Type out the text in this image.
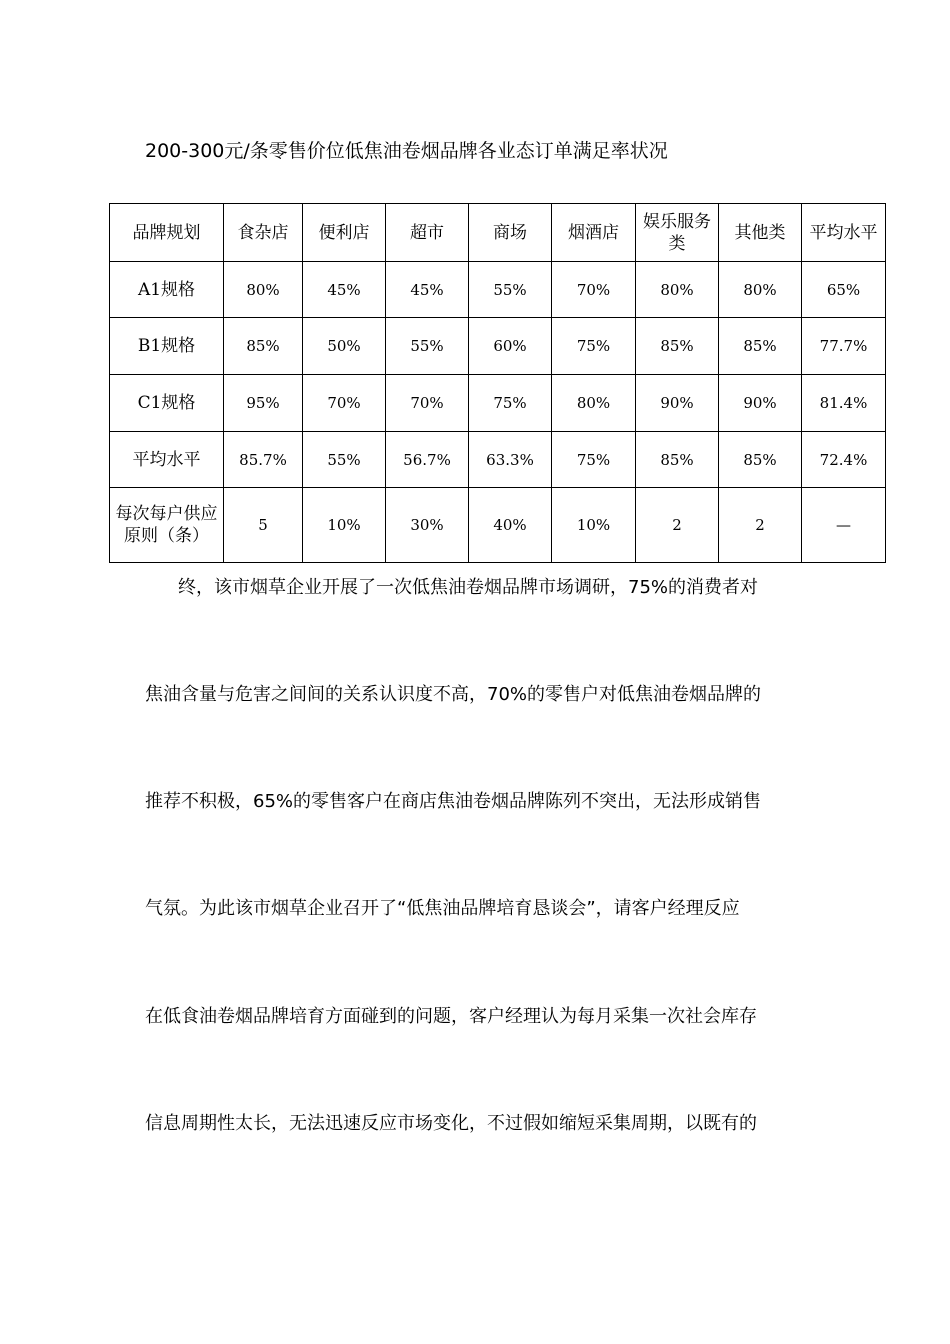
200-300元/条零售价位低焦油卷烟品牌各业态订单满足率状况
品牌规划	食杂店	便利店	超市	商场	烟酒店	娱乐服务类	其他类	平均水平
A1规格	80%	45%	45%	55%	70%	80%	80%	65%
B1规格	85%	50%	55%	60%	75%	85%	85%	77.7%
C1规格	95%	70%	70%	75%	80%	90%	90%	81.4%
平均水平	85.7%	55%	56.7%	63.3%	75%	85%	85%	72.4%
每次每户供应原则（条）	5	10%	30%	40%	10%	2	2	—
终，该市烟草企业开展了一次低焦油卷烟品牌市场调研，75%的消费者对
焦油含量与危害之间间的关系认识度不高，70%的零售户对低焦油卷烟品牌的
推荐不积极，65%的零售客户在商店焦油卷烟品牌陈列不突出，无法形成销售
气氛。为此该市烟草企业召开了“低焦油品牌培育恳谈会”，请客户经理反应
在低食油卷烟品牌培育方面碰到的问题，客户经理认为每月采集一次社会库存
信息周期性太长，无法迅速反应市场变化，不过假如缩短采集周期，以既有的
